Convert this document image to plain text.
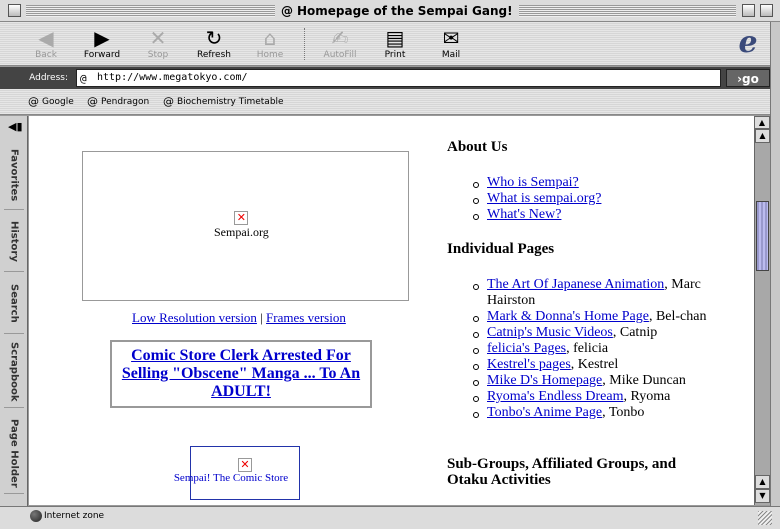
@ Homepage of the Sempai Gang!
◀
Back
▶
Forward
✕
Stop
↻
Refresh
⌂
Home
✍
AutoFill
▤
Print
✉
Mail	e
Address:	@ http://www.megatokyo.com/	›go
@ Google @ Pendragon @ Biochemistry Timetable
◀▮
Favorites
History
Search
Scrapbook
Page Holder
✕
Sempai.org
Low Resolution version | Frames version
Comic Store Clerk Arrested For Selling "Obscene" Manga ... To An ADULT!
✕
Sempai! The Comic Store
About Us
Who is Sempai?
What is sempai.org?
What's New?
Individual Pages
The Art Of Japanese Animation, Marc Hairston
Mark & Donna's Home Page, Bel-chan
Catnip's Music Videos, Catnip
felicia's Pages, felicia
Kestrel's pages, Kestrel
Mike D's Homepage, Mike Duncan
Ryoma's Endless Dream, Ryoma
Tonbo's Anime Page, Tonbo
Sub-Groups, Affiliated Groups, and Otaku Activities
▲
▲
▲
▼
Internet zone
